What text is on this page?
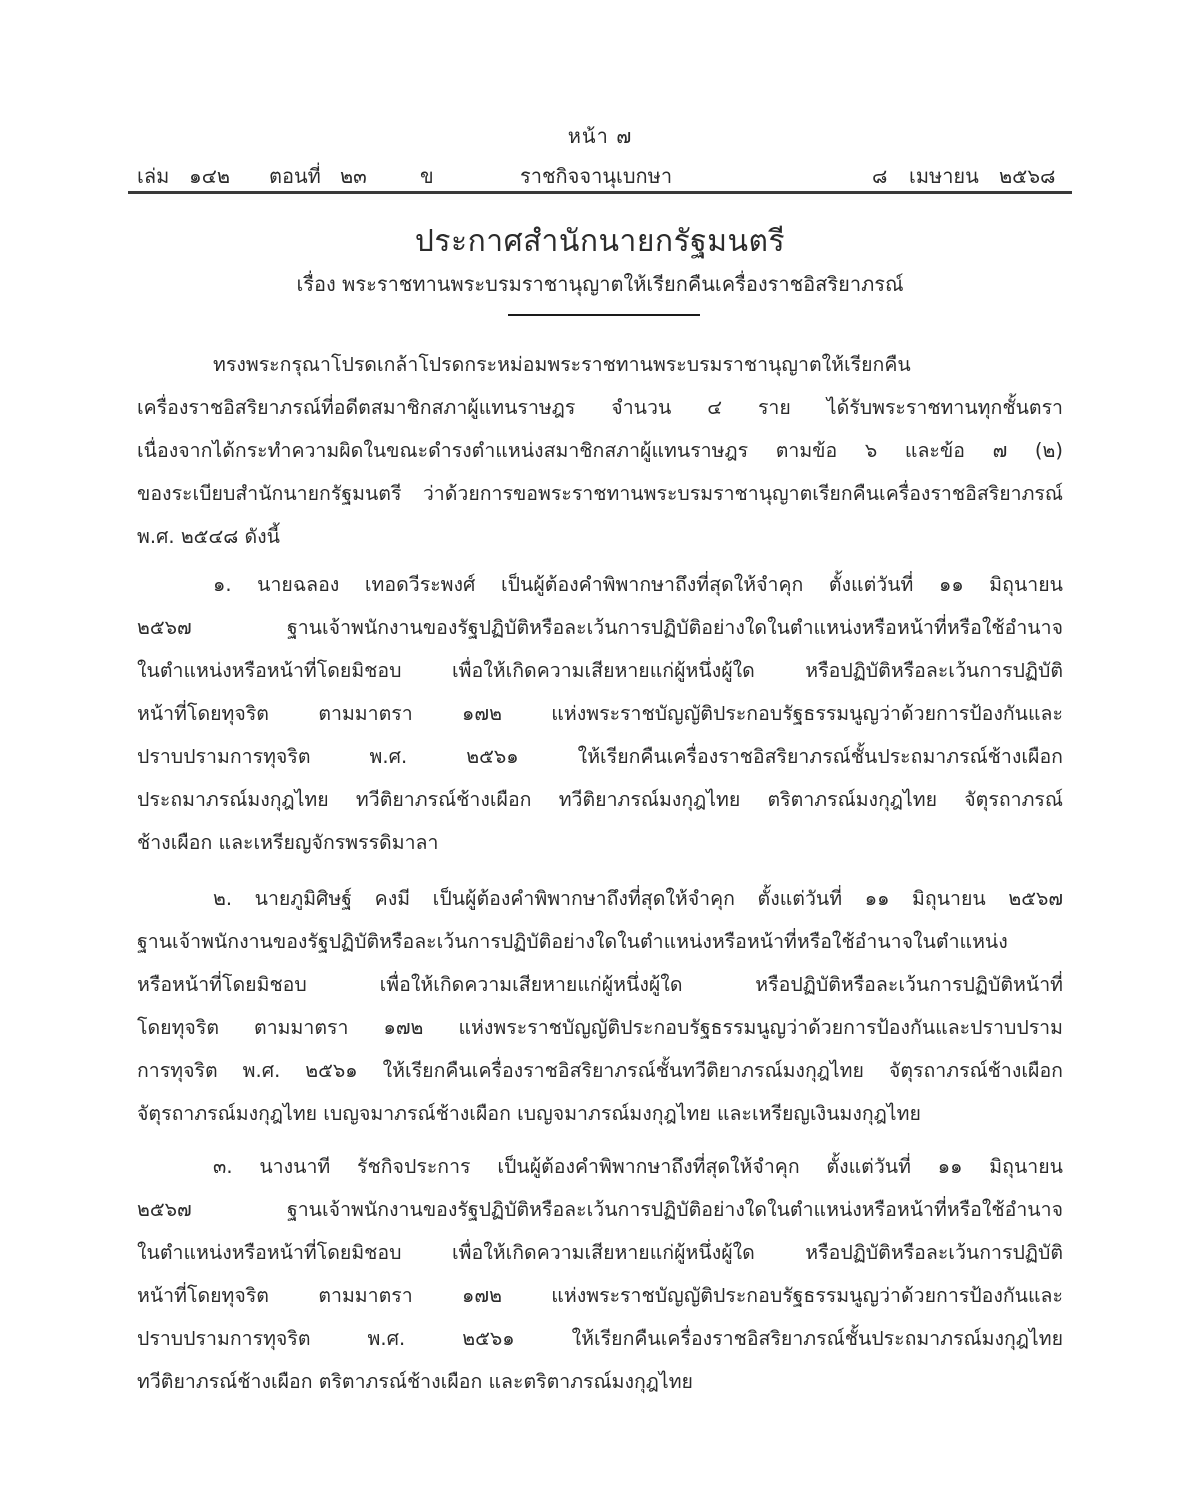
หน้า ๗
เล่ม ๑๔๒ ตอนที่ ๒๓	ข	ราชกิจจานุเบกษา	๘ เมษายน ๒๕๖๘
ประกาศสำนักนายกรัฐมนตรี
เรื่อง พระราชทานพระบรมราชานุญาตให้เรียกคืนเครื่องราชอิสริยาภรณ์
ทรงพระกรุณาโปรดเกล้าโปรดกระหม่อมพระราชทานพระบรมราชานุญาตให้เรียกคืน
เครื่องราชอิสริยาภรณ์ที่อดีตสมาชิกสภาผู้แทนราษฎร จำนวน ๔ ราย ได้รับพระราชทานทุกชั้นตรา
เนื่องจากได้กระทำความผิดในขณะดำรงตำแหน่งสมาชิกสภาผู้แทนราษฎร ตามข้อ ๖ และข้อ ๗ (๒)
ของระเบียบสำนักนายกรัฐมนตรี ว่าด้วยการขอพระราชทานพระบรมราชานุญาตเรียกคืนเครื่องราชอิสริยาภรณ์
พ.ศ. ๒๕๔๘ ดังนี้
๑. นายฉลอง เทอดวีระพงศ์ เป็นผู้ต้องคำพิพากษาถึงที่สุดให้จำคุก ตั้งแต่วันที่ ๑๑ มิถุนายน
๒๕๖๗ ฐานเจ้าพนักงานของรัฐปฏิบัติหรือละเว้นการปฏิบัติอย่างใดในตำแหน่งหรือหน้าที่หรือใช้อำนาจ
ในตำแหน่งหรือหน้าที่โดยมิชอบ เพื่อให้เกิดความเสียหายแก่ผู้หนึ่งผู้ใด หรือปฏิบัติหรือละเว้นการปฏิบัติ
หน้าที่โดยทุจริต ตามมาตรา ๑๗๒ แห่งพระราชบัญญัติประกอบรัฐธรรมนูญว่าด้วยการป้องกันและ
ปราบปรามการทุจริต พ.ศ. ๒๕๖๑ ให้เรียกคืนเครื่องราชอิสริยาภรณ์ชั้นประถมาภรณ์ช้างเผือก
ประถมาภรณ์มงกุฎไทย ทวีติยาภรณ์ช้างเผือก ทวีติยาภรณ์มงกุฎไทย ตริตาภรณ์มงกุฎไทย จัตุรถาภรณ์
ช้างเผือก และเหรียญจักรพรรดิมาลา
๒. นายภูมิศิษฐ์ คงมี เป็นผู้ต้องคำพิพากษาถึงที่สุดให้จำคุก ตั้งแต่วันที่ ๑๑ มิถุนายน ๒๕๖๗
ฐานเจ้าพนักงานของรัฐปฏิบัติหรือละเว้นการปฏิบัติอย่างใดในตำแหน่งหรือหน้าที่หรือใช้อำนาจในตำแหน่ง
หรือหน้าที่โดยมิชอบ เพื่อให้เกิดความเสียหายแก่ผู้หนึ่งผู้ใด หรือปฏิบัติหรือละเว้นการปฏิบัติหน้าที่
โดยทุจริต ตามมาตรา ๑๗๒ แห่งพระราชบัญญัติประกอบรัฐธรรมนูญว่าด้วยการป้องกันและปราบปราม
การทุจริต พ.ศ. ๒๕๖๑ ให้เรียกคืนเครื่องราชอิสริยาภรณ์ชั้นทวีติยาภรณ์มงกุฎไทย จัตุรถาภรณ์ช้างเผือก
จัตุรถาภรณ์มงกุฎไทย เบญจมาภรณ์ช้างเผือก เบญจมาภรณ์มงกุฎไทย และเหรียญเงินมงกุฎไทย
๓. นางนาที รัชกิจประการ เป็นผู้ต้องคำพิพากษาถึงที่สุดให้จำคุก ตั้งแต่วันที่ ๑๑ มิถุนายน
๒๕๖๗ ฐานเจ้าพนักงานของรัฐปฏิบัติหรือละเว้นการปฏิบัติอย่างใดในตำแหน่งหรือหน้าที่หรือใช้อำนาจ
ในตำแหน่งหรือหน้าที่โดยมิชอบ เพื่อให้เกิดความเสียหายแก่ผู้หนึ่งผู้ใด หรือปฏิบัติหรือละเว้นการปฏิบัติ
หน้าที่โดยทุจริต ตามมาตรา ๑๗๒ แห่งพระราชบัญญัติประกอบรัฐธรรมนูญว่าด้วยการป้องกันและ
ปราบปรามการทุจริต พ.ศ. ๒๕๖๑ ให้เรียกคืนเครื่องราชอิสริยาภรณ์ชั้นประถมาภรณ์มงกุฎไทย
ทวีติยาภรณ์ช้างเผือก ตริตาภรณ์ช้างเผือก และตริตาภรณ์มงกุฎไทย
